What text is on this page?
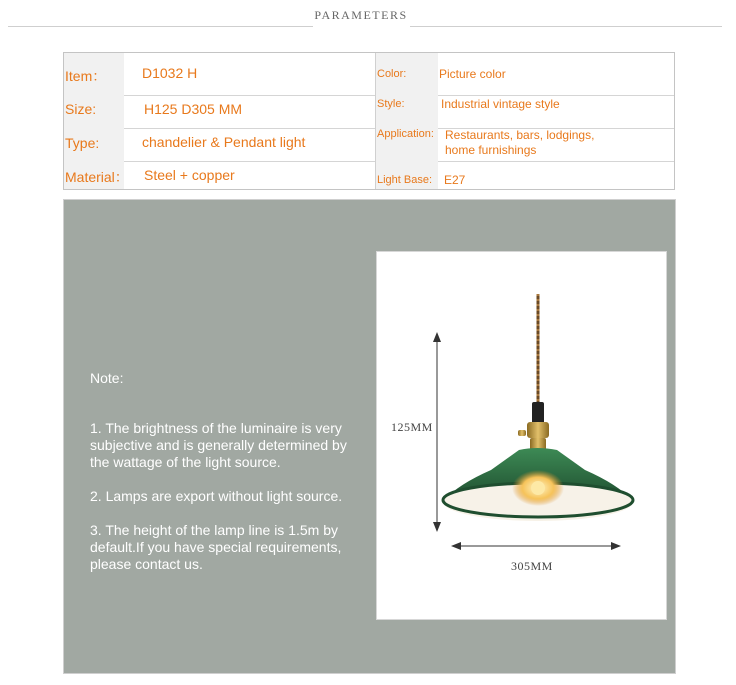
PARAMETERS
Item：	D1032 H
Size:	H125 D305 MM
Type:	chandelier & Pendant light
Material： Steel + copper
Color:	Picture color
Style:	Industrial vintage style
Application: Restaurants, bars, lodgings,
home furnishings
Light Base: E27
Note:
1. The brightness of the luminaire is very subjective and is generally determined by the wattage of the light source.
2. Lamps are export without light source.
3. The height of the lamp line is 1.5m by default.If you have special requirements, please contact us.
125MM
305MM
